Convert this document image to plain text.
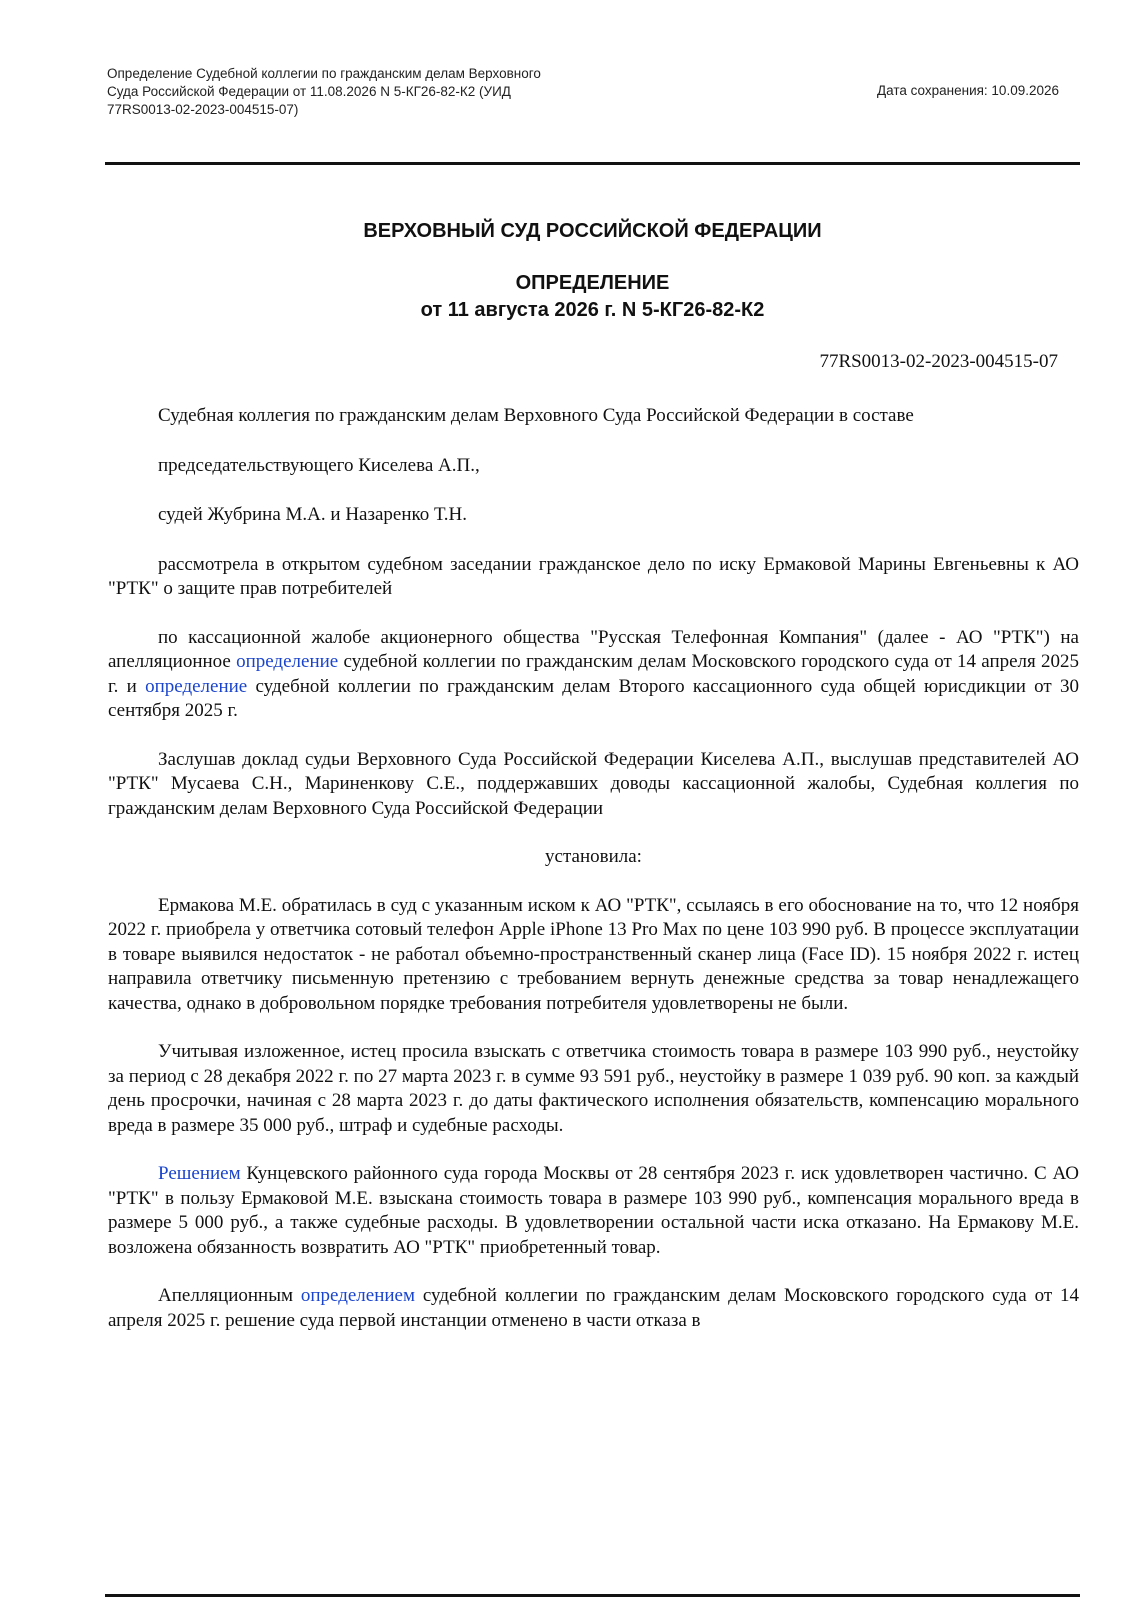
Определение Судебной коллегии по гражданским делам Верховного
Суда Российской Федерации от 11.08.2026 N 5-КГ26-82-К2 (УИД
77RS0013-02-2023-004515-07)
Дата сохранения: 10.09.2026
ВЕРХОВНЫЙ СУД РОССИЙСКОЙ ФЕДЕРАЦИИ
ОПРЕДЕЛЕНИЕ
от 11 августа 2026 г. N 5-КГ26-82-К2
77RS0013-02-2023-004515-07

Судебная коллегия по гражданским делам Верховного Суда Российской Федерации в составе

председательствующего Киселева А.П.,

судей Жубрина М.А. и Назаренко Т.Н.

рассмотрела в открытом судебном заседании гражданское дело по иску Ермаковой Марины Евгеньевны к АО "РТК" о защите прав потребителей

по кассационной жалобе акционерного общества "Русская Телефонная Компания" (далее - АО "РТК") на апелляционное определение судебной коллегии по гражданским делам Московского городского суда от 14 апреля 2025 г. и определение судебной коллегии по гражданским делам Второго кассационного суда общей юрисдикции от 30 сентября 2025 г.

Заслушав доклад судьи Верховного Суда Российской Федерации Киселева А.П., выслушав представителей АО "РТК" Мусаева С.Н., Мариненкову С.Е., поддержавших доводы кассационной жалобы, Судебная коллегия по гражданским делам Верховного Суда Российской Федерации

установила:

Ермакова М.Е. обратилась в суд с указанным иском к АО "РТК", ссылаясь в его обоснование на то, что 12 ноября 2022 г. приобрела у ответчика сотовый телефон Apple iPhone 13 Pro Max по цене 103 990 руб. В процессе эксплуатации в товаре выявился недостаток - не работал объемно-пространственный сканер лица (Face ID). 15 ноября 2022 г. истец направила ответчику письменную претензию с требованием вернуть денежные средства за товар ненадлежащего качества, однако в добровольном порядке требования потребителя удовлетворены не были.

Учитывая изложенное, истец просила взыскать с ответчика стоимость товара в размере 103 990 руб., неустойку за период с 28 декабря 2022 г. по 27 марта 2023 г. в сумме 93 591 руб., неустойку в размере 1 039 руб. 90 коп. за каждый день просрочки, начиная с 28 марта 2023 г. до даты фактического исполнения обязательств, компенсацию морального вреда в размере 35 000 руб., штраф и судебные расходы.

Решением Кунцевского районного суда города Москвы от 28 сентября 2023 г. иск удовлетворен частично. С АО "РТК" в пользу Ермаковой М.Е. взыскана стоимость товара в размере 103 990 руб., компенсация морального вреда в размере 5 000 руб., а также судебные расходы. В удовлетворении остальной части иска отказано. На Ермакову М.Е. возложена обязанность возвратить АО "РТК" приобретенный товар.

Апелляционным определением судебной коллегии по гражданским делам Московского городского суда от 14 апреля 2025 г. решение суда первой инстанции отменено в части отказа в
